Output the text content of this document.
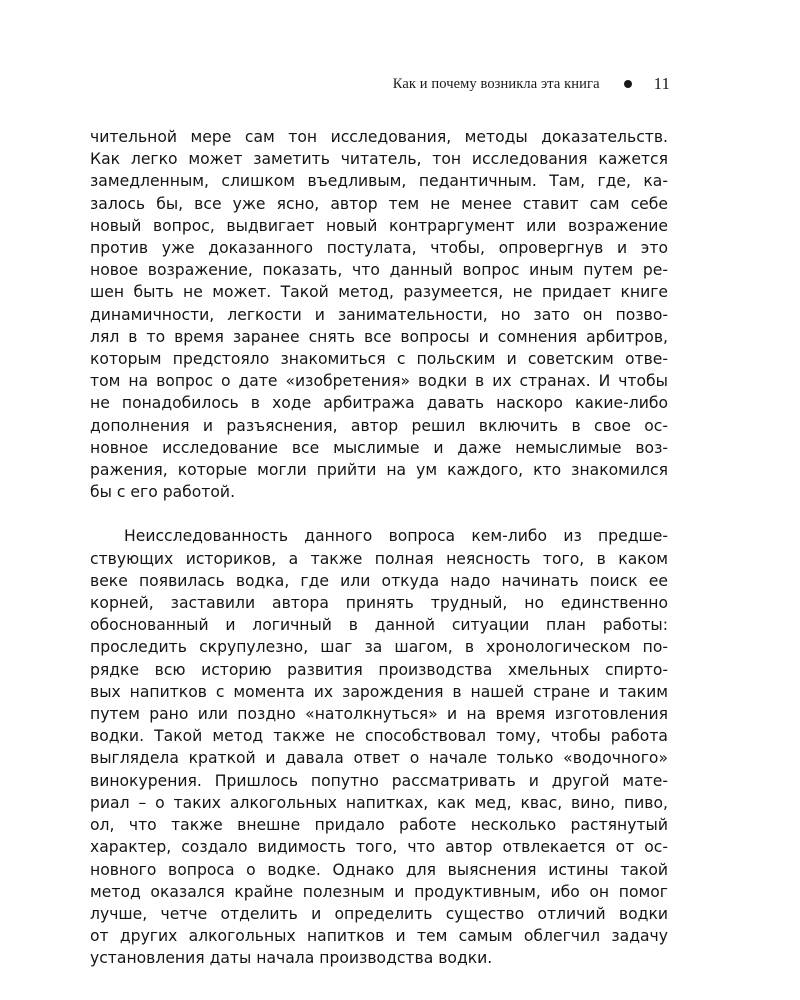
Как и почему возникла эта книга	11
чительной мере сам тон исследования, методы доказательств.
Как легко может заметить читатель, тон исследования кажется
замедленным, слишком въедливым, педантичным. Там, где, ка-
залось бы, все уже ясно, автор тем не менее ставит сам себе
новый вопрос, выдвигает новый контраргумент или возражение
против уже доказанного постулата, чтобы, опровергнув и это
новое возражение, показать, что данный вопрос иным путем ре-
шен быть не может. Такой метод, разумеется, не придает книге
динамичности, легкости и занимательности, но зато он позво-
лял в то время заранее снять все вопросы и сомнения арбитров,
которым предстояло знакомиться с польским и советским отве-
том на вопрос о дате «изобретения» водки в их странах. И чтобы
не понадобилось в ходе арбитража давать наскоро какие-либо
дополнения и разъяснения, автор решил включить в свое ос-
новное исследование все мыслимые и даже немыслимые воз-
ражения, которые могли прийти на ум каждого, кто знакомился
бы с его работой.
Неисследованность данного вопроса кем-либо из предше-
ствующих историков, а также полная неясность того, в каком
веке появилась водка, где или откуда надо начинать поиск ее
корней, заставили автора принять трудный, но единственно
обоснованный и логичный в данной ситуации план работы:
проследить скрупулезно, шаг за шагом, в хронологическом по-
рядке всю историю развития производства хмельных спирто-
вых напитков с момента их зарождения в нашей стране и таким
путем рано или поздно «натолкнуться» и на время изготовления
водки. Такой метод также не способствовал тому, чтобы работа
выглядела краткой и давала ответ о начале только «водочного»
винокурения. Пришлось попутно рассматривать и другой мате-
риал – о таких алкогольных напитках, как мед, квас, вино, пиво,
ол, что также внешне придало работе несколько растянутый
характер, создало видимость того, что автор отвлекается от ос-
новного вопроса о водке. Однако для выяснения истины такой
метод оказался крайне полезным и продуктивным, ибо он помог
лучше, четче отделить и определить существо отличий водки
от других алкогольных напитков и тем самым облегчил задачу
установления даты начала производства водки.
